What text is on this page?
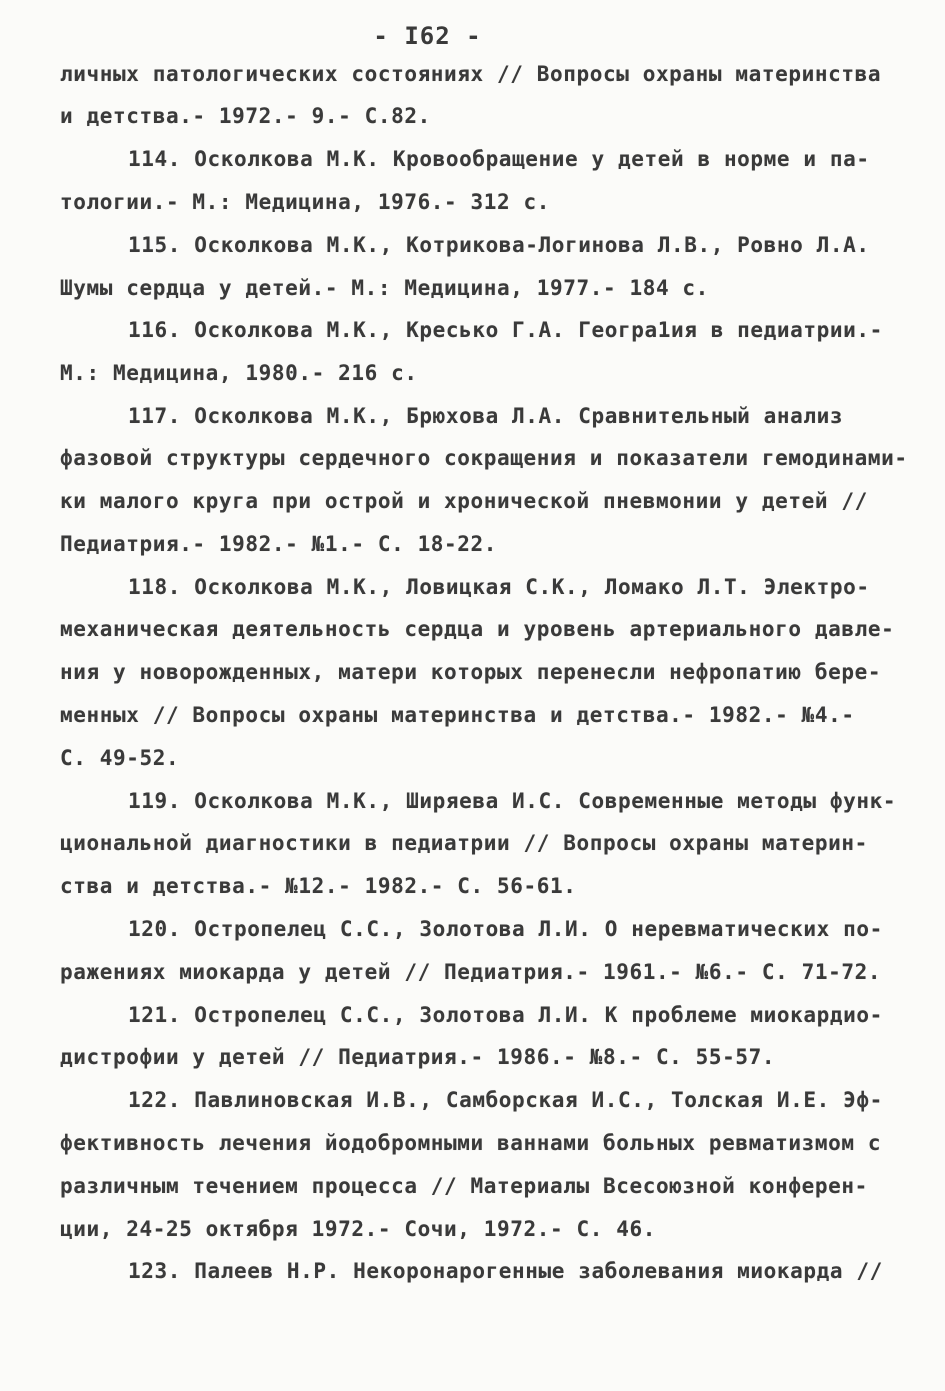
- I62 -
личных патологических состояниях // Вопросы охраны материнства
и детства.- 1972.- 9.- С.82.
114. Осколкова М.К. Кровообращение у детей в норме и па-
тологии.- М.: Медицина, 1976.- 312 с.
115. Осколкова М.К., Котрикова-Логинова Л.В., Ровно Л.А.
Шумы сердца у детей.- М.: Медицина, 1977.- 184 с.
116. Осколкова М.К., Кресько Г.А. Геогра1ия в педиатрии.-
М.: Медицина, 1980.- 216 с.
117. Осколкова М.К., Брюхова Л.А. Сравнительный анализ
фазовой структуры сердечного сокращения и показатели гемодинами-
ки малого круга при острой и хронической пневмонии у детей //
Педиатрия.- 1982.- №1.- С. 18-22.
118. Осколкова М.К., Ловицкая С.К., Ломако Л.Т. Электро-
механическая деятельность сердца и уровень артериального давле-
ния у новорожденных, матери которых перенесли нефропатию бере-
менных // Вопросы охраны материнства и детства.- 1982.- №4.-
С. 49-52.
119. Осколкова М.К., Ширяева И.С. Современные методы функ-
циональной диагностики в педиатрии // Вопросы охраны материн-
ства и детства.- №12.- 1982.- С. 56-61.
120. Остропелец С.С., Золотова Л.И. О неревматических по-
ражениях миокарда у детей // Педиатрия.- 1961.- №6.- С. 71-72.
121. Остропелец С.С., Золотова Л.И. К проблеме миокардио-
дистрофии у детей // Педиатрия.- 1986.- №8.- С. 55-57.
122. Павлиновская И.В., Самборская И.С., Толская И.Е. Эф-
фективность лечения йодобромными ваннами больных ревматизмом с
различным течением процесса // Материалы Всесоюзной конферен-
ции, 24-25 октября 1972.- Сочи, 1972.- С. 46.
123. Палеев Н.Р. Некоронарогенные заболевания миокарда //
